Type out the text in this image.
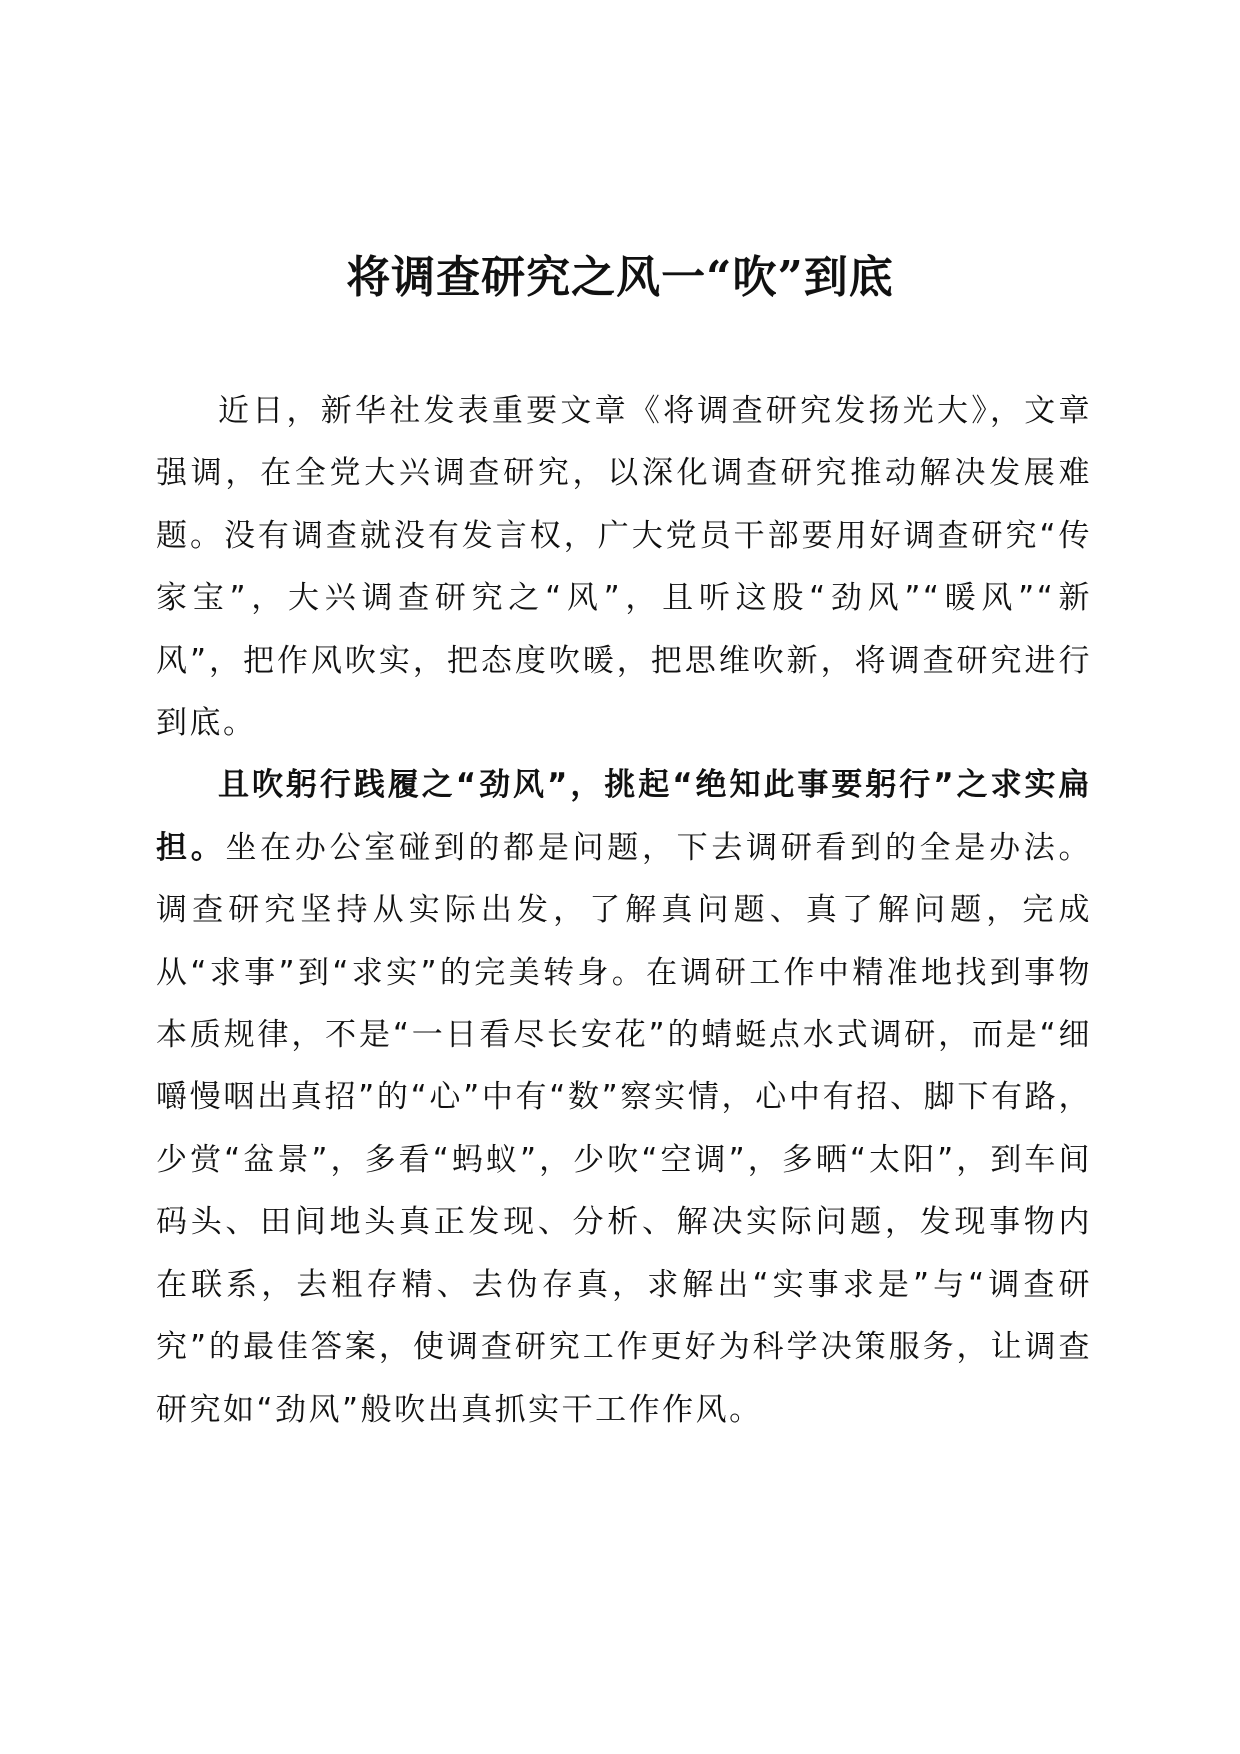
将调查研究之风一“吹”到底

近日，新华社发表重要文章《将调查研究发扬光大》，文章强调，在全党大兴调查研究，以深化调查研究推动解决发展难题。没有调查就没有发言权，广大党员干部要用好调查研究“传家宝”，大兴调查研究之“风”，且听这股“劲风”“暖风”“新风”，把作风吹实，把态度吹暖，把思维吹新，将调查研究进行到底。

且吹躬行践履之“劲风”，挑起“绝知此事要躬行”之求实扁担。坐在办公室碰到的都是问题，下去调研看到的全是办法。调查研究坚持从实际出发，了解真问题、真了解问题，完成从“求事”到“求实”的完美转身。在调研工作中精准地找到事物本质规律，不是“一日看尽长安花”的蜻蜓点水式调研，而是“细嚼慢咽出真招”的“心”中有“数”察实情，心中有招、脚下有路，少赏“盆景”，多看“蚂蚁”，少吹“空调”，多晒“太阳”，到车间码头、田间地头真正发现、分析、解决实际问题，发现事物内在联系，去粗存精、去伪存真，求解出“实事求是”与“调查研究”的最佳答案，使调查研究工作更好为科学决策服务，让调查研究如“劲风”般吹出真抓实干工作作风。
